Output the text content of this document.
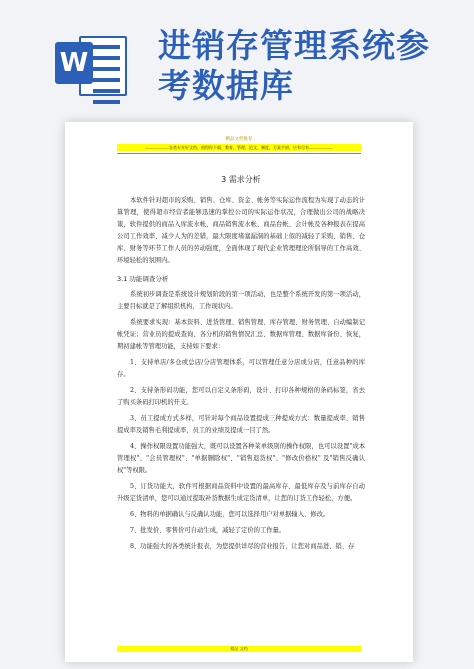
W 进销存管理系统参考数据库
精品文档推荐
——————各类专业好文档，值得你下载，教育，管理，论文，制度，方案手册，应有尽有——————
3 需求分析

本软件针对超市的采购、销售、仓库、资金、帐务等实际运作流程为实现了动态的计算管理，使得超市经营者能够迅速的掌控公司的实际运作状况，合理做出公司的战略决策，软件提供的商品入库流水帐、商品销售流水帐、商品台帐、会计帐及各种报表在提高公司工作效率、减少人为的差错，最大限度堵塞漏洞的基础上似的减轻了采购、销售、仓库、财务等环节工作人员的劳动强度，全面体现了现代企业管理理论所倡导的工作高效、环境轻松的氛围内。

3.1 功能调查分析

系统初步调查是系统设计规划阶段的第一项活动，也是整个系统开发的第一项活动，主要目标就是了解组织机构，工作现状内。

系统要求实现：基本资料、进货管理、销售管理、库存管理、财务管理、自动编制记帐凭证；营业员的提成查询、各分机的销售情况汇总、数据库管理、数据库备份、恢复，期初建帐等管理功能，支持如下要求：

1、支持单店/多仓或总店/分店管理体系，可以管理任意分店或分店，任意品种的库存。

2、支持条形码功能，您可以自定义条形码，设计、打印各种规格的条码标签，省去了购买条码打印机的开支。

3、员工提成方式多样，可针对每个商品设置提成三种提成方式：数量提成率、销售提成率及销售毛利提成率，员工的业绩及提成一目了然。

4、操作权限设置功能强大，既可以设置各种菜单级别的操作权限，也可以设置"成本管理权"、"会员管理权"、"单据删除权"、"销售退货权"、"修改价格权" 及"销售反确认权"等权限。

5、订货功能大，软件可根据商品资料中设置的最高库存、最低库存及与前库存自动升级定货清单，您可以通过提取补货数据生成定货清单，让您的订货工作轻松，方便。

6、物料的单据确认与反确认功能，您可以选择用户对单据输入、修改。

7、批发价、零售价可自动生成，减轻了定价的工作量。

8、功能强大的各类统计报表，为您提供详尽的营业报告，让您对商品进、销、存

精品 文档
